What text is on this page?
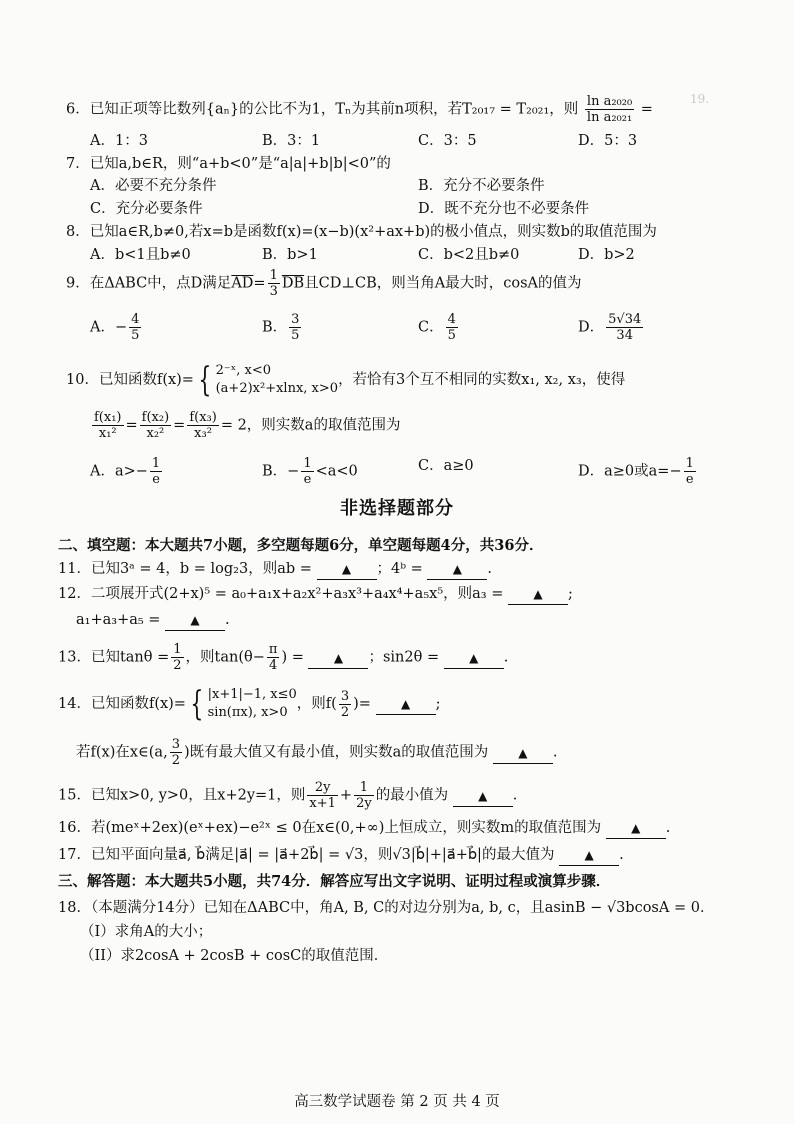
19.
6．已知正项等比数列{aₙ}的公比不为1，Tₙ为其前n项积，若T₂₀₁₇ = T₂₀₂₁，则 $\frac{\text{ln a₂₀₂₀}}{\text{ln a₂₀₂₁}}$ =
A．1：3	B．3：1	C．3：5	D．5：3
7．已知a,b∈R，则“a+b<0”是“a|a|+b|b|<0”的
A．必要不充分条件	B．充分不必要条件
C．充分必要条件	D．既不充分也不必要条件
8．已知a∈R,b≠0,若x=b是函数f(x)=(x−b)(x²+ax+b)的极小值点，则实数b的取值范围为
A．b<1且b≠0	B．b>1	C．b<2且b≠0	D．b>2
9．在ΔABC中，点D满足$\overline{AD}= \frac{1}{3} \overline{DB}$且CD⊥CB，则当角A最大时，cosA的值为
A．− $\frac{4}{5}$	B． $\frac{3}{5}$	C． $\frac{4}{5}$	D． $\frac{5√34}{34}$
10．已知函数f(x)= { 2⁻ˣ, x<0
(a+2)x²+xlnx, x>0
，若恰有3个互不相同的实数x₁, x₂, x₃，使得
$\frac{\text{f(x₁)}}{\text{x₁²}} = \frac{\text{f(x₂)}}{\text{x₂²}} = \frac{\text{f(x₃)}}{\text{x₃²}} = 2$，则实数a的取值范围为
A．$a>- \frac{1}{e}$	B．− $\frac{1}{e} <a<0$	C．a≥0	D．a≥0或$a=- \frac{1}{e}$
非选择题部分
二、填空题：本大题共7小题，多空题每题6分，单空题每题4分，共36分．
11．已知3ᵃ = 4，b = log₂3，则ab = ▲ ；4ᵇ = ▲ .
12．二项展开式(2+x)⁵ = a₀+a₁x+a₂x²+a₃x³+a₄x⁴+a₅x⁵，则a₃ = ▲ ;
a₁+a₃+a₅ = ▲ .
13．已知$\tan\theta = \frac{1}{2}$ ，则$\tan(\theta- \frac{\pi}{4}$ ) = ▲ ；sin2θ = ▲ .
14．已知函数f(x)= { |x+1|−1, x≤0
sin(πx), x>0
，则$f( \frac{3}{2}$ )= ▲ ;
若f(x)在x∈(a, $\frac{3}{2}$ )既有最大值又有最小值，则实数a的取值范围为 ▲ .
15．已知x>0, y>0，且x+2y=1，则 $\frac{2y}{x+1} + \frac{1}{2y}$ 的最小值为 ▲ .
16．若(meˣ+2ex)(eˣ+ex)−e²ˣ ≤ 0在x∈(0,+∞)上恒成立，则实数m的取值范围为 ▲ .
17．已知平面向量a⃗, b⃗满足|a⃗| = |a⃗+2b⃗| = √3，则√3|b⃗|+|a⃗+b⃗|的最大值为 ▲ .
三、解答题：本大题共5小题，共74分．解答应写出文字说明、证明过程或演算步骤．
18．（本题满分14分）已知在ΔABC中，角A, B, C的对边分别为a, b, c，且asinB − √3bcosA = 0．
（I）求角A的大小；
（II）求2cosA + 2cosB + cosC的取值范围．
高三数学试题卷 第 2 页 共 4 页
